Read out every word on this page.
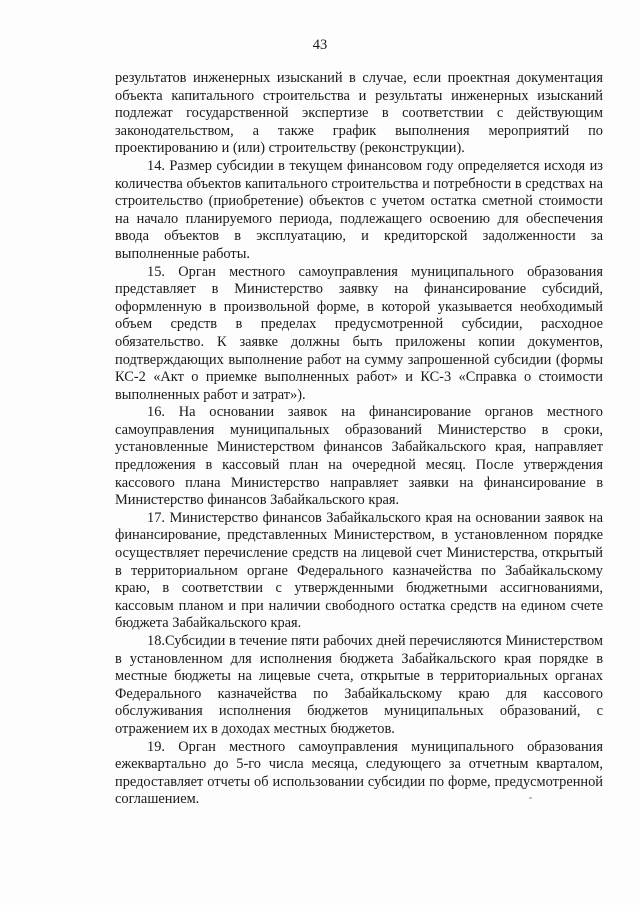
43

результатов инженерных изысканий в случае, если проектная документация объекта капитального строительства и результаты инженерных изысканий подлежат государственной экспертизе в соответствии с действующим законодательством, а также график выполнения мероприятий по проектированию и (или) строительству (реконструкции).

14. Размер субсидии в текущем финансовом году определяется исходя из количества объектов капитального строительства и потребности в средствах на строительство (приобретение) объектов с учетом остатка сметной стоимости на начало планируемого периода, подлежащего освоению для обеспечения ввода объектов в эксплуатацию, и кредиторской задолженности за выполненные работы.

15. Орган местного самоуправления муниципального образования представляет в Министерство заявку на финансирование субсидий, оформленную в произвольной форме, в которой указывается необходимый объем средств в пределах предусмотренной субсидии, расходное обязательство. К заявке должны быть приложены копии документов, подтверждающих выполнение работ на сумму запрошенной субсидии (формы КС-2 «Акт о приемке выполненных работ» и КС-3 «Справка о стоимости выполненных работ и затрат»).

16. На основании заявок на финансирование органов местного самоуправления муниципальных образований Министерство в сроки, установленные Министерством финансов Забайкальского края, направляет предложения в кассовый план на очередной месяц. После утверждения кассового плана Министерство направляет заявки на финансирование в Министерство финансов Забайкальского края.

17. Министерство финансов Забайкальского края на основании заявок на финансирование, представленных Министерством, в установленном порядке осуществляет перечисление средств на лицевой счет Министерства, открытый в территориальном органе Федерального казначейства по Забайкальскому краю, в соответствии с утвержденными бюджетными ассигнованиями, кассовым планом и при наличии свободного остатка средств на едином счете бюджета Забайкальского края.

18.Субсидии в течение пяти рабочих дней перечисляются Министерством в установленном для исполнения бюджета Забайкальского края порядке в местные бюджеты на лицевые счета, открытые в территориальных органах Федерального казначейства по Забайкальскому краю для кассового обслуживания исполнения бюджетов муниципальных образований, с отражением их в доходах местных бюджетов.

19. Орган местного самоуправления муниципального образования ежеквартально до 5-го числа месяца, следующего за отчетным кварталом, предоставляет отчеты об использовании субсидии по форме, предусмотренной соглашением.
